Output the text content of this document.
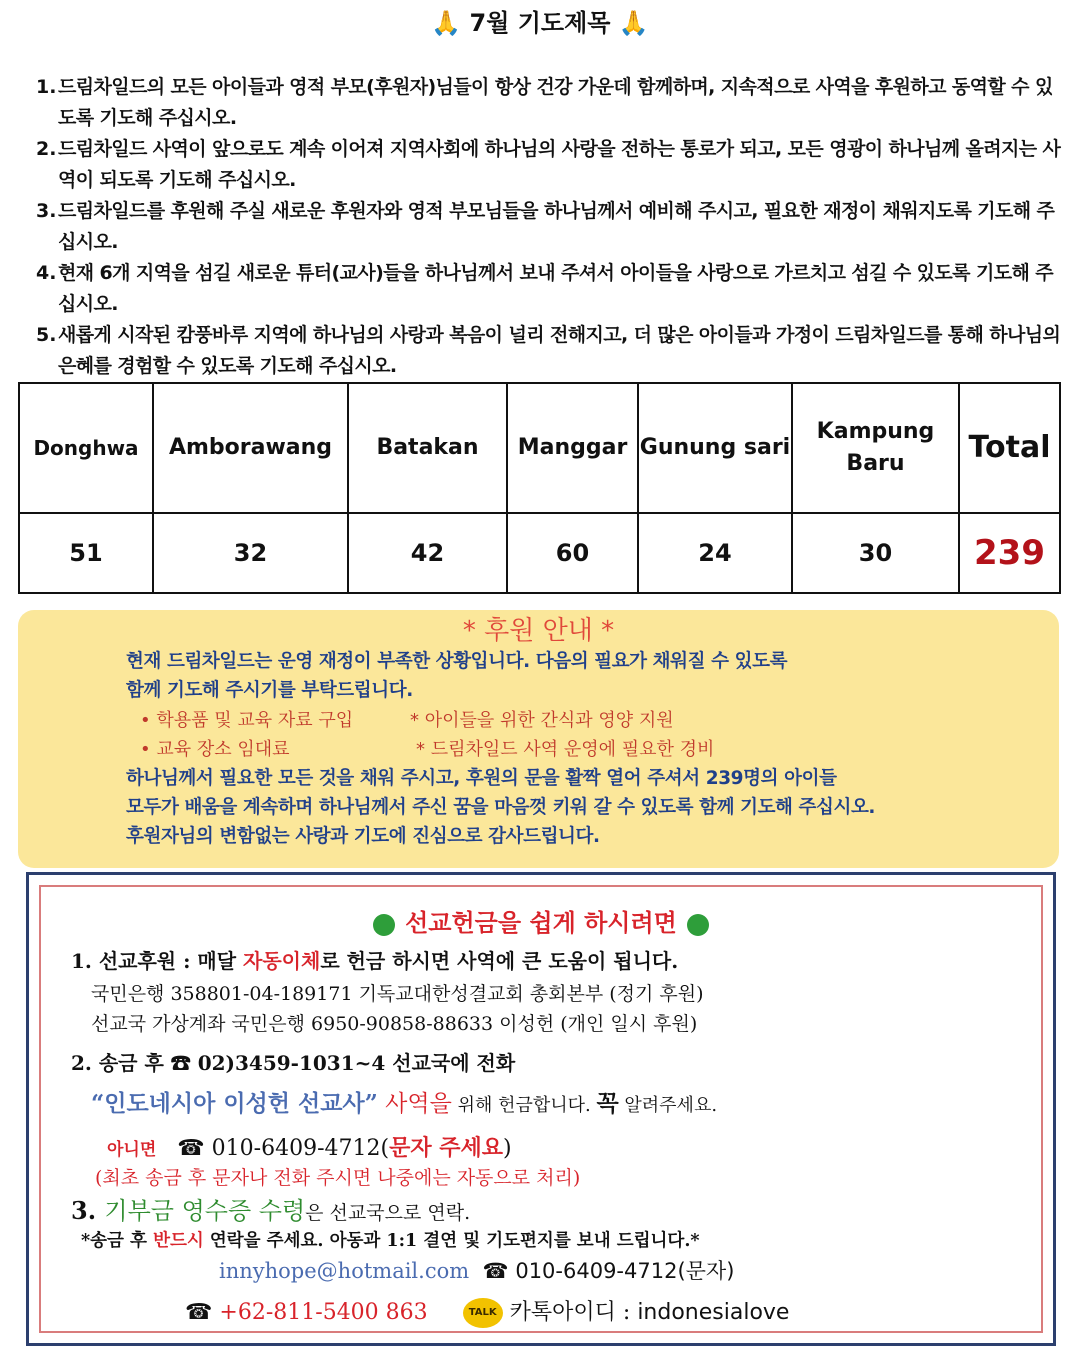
🙏 7월 기도제목 🙏
1. 드림차일드의 모든 아이들과 영적 부모(후원자)님들이 항상 건강 가운데 함께하며, 지속적으로 사역을 후원하고 동역할 수 있도록 기도해 주십시오.
2. 드림차일드 사역이 앞으로도 계속 이어져 지역사회에 하나님의 사랑을 전하는 통로가 되고, 모든 영광이 하나님께 올려지는 사역이 되도록 기도해 주십시오.
3. 드림차일드를 후원해 주실 새로운 후원자와 영적 부모님들을 하나님께서 예비해 주시고, 필요한 재정이 채워지도록 기도해 주십시오.
4. 현재 6개 지역을 섬길 새로운 튜터(교사)들을 하나님께서 보내 주셔서 아이들을 사랑으로 가르치고 섬길 수 있도록 기도해 주십시오.
5. 새롭게 시작된 캄풍바루 지역에 하나님의 사랑과 복음이 널리 전해지고, 더 많은 아이들과 가정이 드림차일드를 통해 하나님의 은혜를 경험할 수 있도록 기도해 주십시오.
Donghwa	Amborawang	Batakan	Manggar	Gunung sari	Kampung Baru	Total
51	32	42	60	24	30	239
* 후원 안내 *
현재 드림차일드는 운영 재정이 부족한 상황입니다. 다음의 필요가 채워질 수 있도록
함께 기도해 주시기를 부탁드립니다.
• 학용품 및 교육 자료 구입	* 아이들을 위한 간식과 영양 지원
• 교육 장소 임대료	* 드림차일드 사역 운영에 필요한 경비
하나님께서 필요한 모든 것을 채워 주시고, 후원의 문을 활짝 열어 주셔서 239명의 아이들
모두가 배움을 계속하며 하나님께서 주신 꿈을 마음껏 키워 갈 수 있도록 함께 기도해 주십시오.
후원자님의 변함없는 사랑과 기도에 진심으로 감사드립니다.
선교헌금을 쉽게 하시려면
1. 선교후원 : 매달 자동이체로 헌금 하시면 사역에 큰 도움이 됩니다.
국민은행 358801-04-189171 기독교대한성결교회 총회본부 (정기 후원)
선교국 가상계좌 국민은행 6950-90858-88633 이성헌 (개인 일시 후원)
2. 송금 후 ☎ 02)3459-1031~4 선교국에 전화
“인도네시아 이성헌 선교사” 사역을 위해 헌금합니다. 꼭 알려주세요.
아니면 ☎ 010-6409-4712(문자 주세요)
(최초 송금 후 문자나 전화 주시면 나중에는 자동으로 처리)
3. 기부금 영수증 수령은 선교국으로 연락.
*송금 후 반드시 연락을 주세요. 아동과 1:1 결연 및 기도편지를 보내 드립니다.*
innyhope@hotmail.com ☎ 010-6409-4712(문자)
☎ +62-811-5400 863	TALK 카톡아이디 : indonesialove
